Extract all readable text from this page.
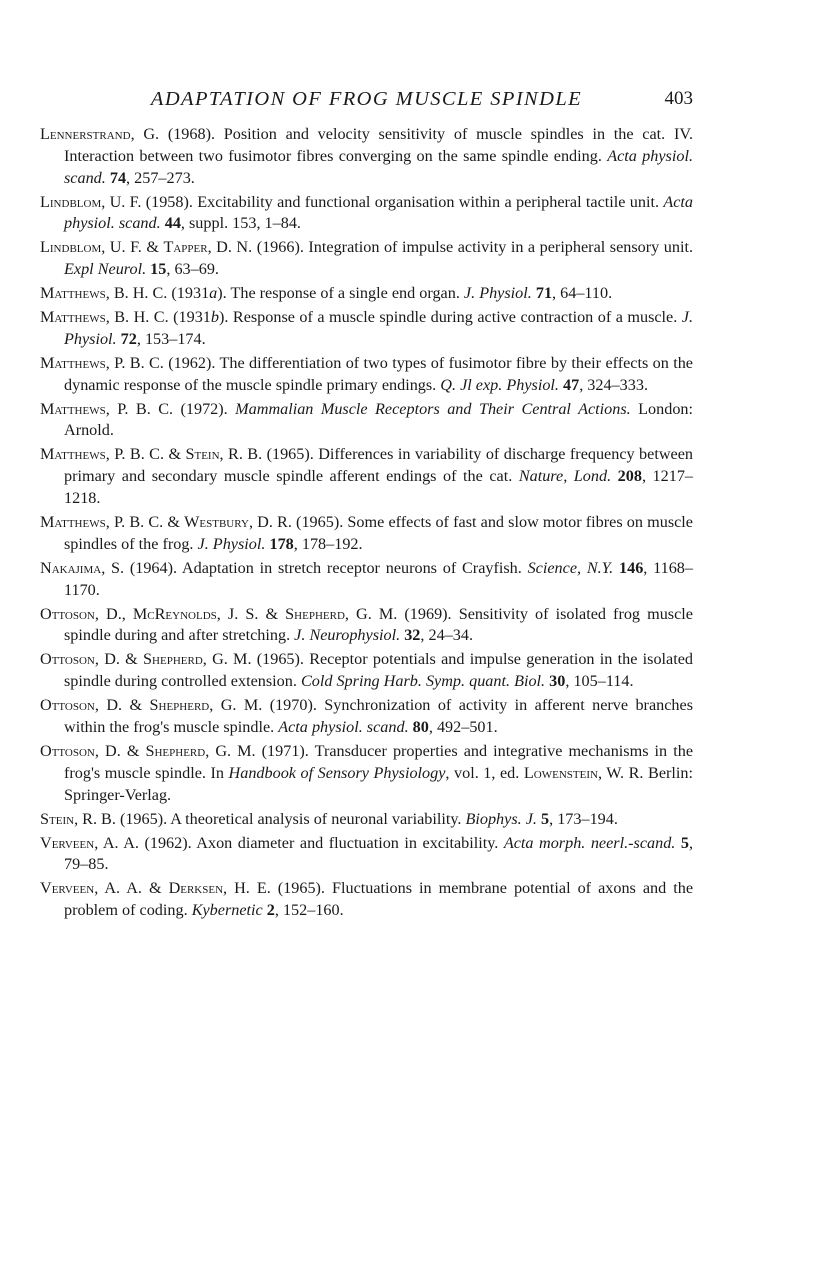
ADAPTATION OF FROG MUSCLE SPINDLE	403
Lennerstrand, G. (1968). Position and velocity sensitivity of muscle spindles in the cat. IV. Interaction between two fusimotor fibres converging on the same spindle ending. Acta physiol. scand. 74, 257–273.
Lindblom, U. F. (1958). Excitability and functional organisation within a peripheral tactile unit. Acta physiol. scand. 44, suppl. 153, 1–84.
Lindblom, U. F. & Tapper, D. N. (1966). Integration of impulse activity in a peripheral sensory unit. Expl Neurol. 15, 63–69.
Matthews, B. H. C. (1931a). The response of a single end organ. J. Physiol. 71, 64–110.
Matthews, B. H. C. (1931b). Response of a muscle spindle during active contraction of a muscle. J. Physiol. 72, 153–174.
Matthews, P. B. C. (1962). The differentiation of two types of fusimotor fibre by their effects on the dynamic response of the muscle spindle primary endings. Q. Jl exp. Physiol. 47, 324–333.
Matthews, P. B. C. (1972). Mammalian Muscle Receptors and Their Central Actions. London: Arnold.
Matthews, P. B. C. & Stein, R. B. (1965). Differences in variability of discharge frequency between primary and secondary muscle spindle afferent endings of the cat. Nature, Lond. 208, 1217–1218.
Matthews, P. B. C. & Westbury, D. R. (1965). Some effects of fast and slow motor fibres on muscle spindles of the frog. J. Physiol. 178, 178–192.
Nakajima, S. (1964). Adaptation in stretch receptor neurons of Crayfish. Science, N.Y. 146, 1168–1170.
Ottoson, D., McReynolds, J. S. & Shepherd, G. M. (1969). Sensitivity of isolated frog muscle spindle during and after stretching. J. Neurophysiol. 32, 24–34.
Ottoson, D. & Shepherd, G. M. (1965). Receptor potentials and impulse generation in the isolated spindle during controlled extension. Cold Spring Harb. Symp. quant. Biol. 30, 105–114.
Ottoson, D. & Shepherd, G. M. (1970). Synchronization of activity in afferent nerve branches within the frog's muscle spindle. Acta physiol. scand. 80, 492–501.
Ottoson, D. & Shepherd, G. M. (1971). Transducer properties and integrative mechanisms in the frog's muscle spindle. In Handbook of Sensory Physiology, vol. 1, ed. Lowenstein, W. R. Berlin: Springer-Verlag.
Stein, R. B. (1965). A theoretical analysis of neuronal variability. Biophys. J. 5, 173–194.
Verveen, A. A. (1962). Axon diameter and fluctuation in excitability. Acta morph. neerl.-scand. 5, 79–85.
Verveen, A. A. & Derksen, H. E. (1965). Fluctuations in membrane potential of axons and the problem of coding. Kybernetic 2, 152–160.
